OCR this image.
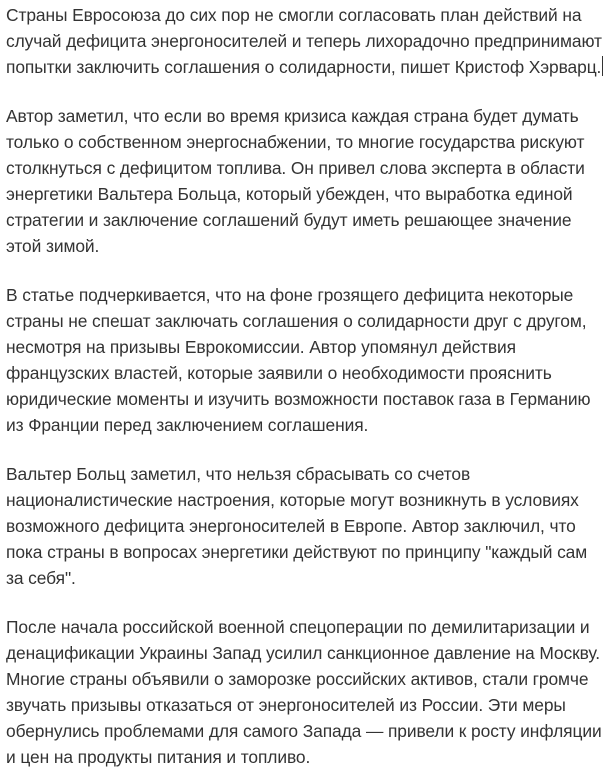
Страны Евросоюза до сих пор не смогли согласовать план действий на случай дефицита энергоносителей и теперь лихорадочно предпринимают попытки заключить соглашения о солидарности, пишет Кристоф Хэрварц.

Автор заметил, что если во время кризиса каждая страна будет думать только о собственном энергоснабжении, то многие государства рискуют столкнуться с дефицитом топлива. Он привел слова эксперта в области энергетики Вальтера Больца, который убежден, что выработка единой стратегии и заключение соглашений будут иметь решающее значение этой зимой.

В статье подчеркивается, что на фоне грозящего дефицита некоторые страны не спешат заключать соглашения о солидарности друг с другом, несмотря на призывы Еврокомиссии. Автор упомянул действия французских властей, которые заявили о необходимости прояснить юридические моменты и изучить возможности поставок газа в Германию из Франции перед заключением соглашения.

Вальтер Больц заметил, что нельзя сбрасывать со счетов националистические настроения, которые могут возникнуть в условиях возможного дефицита энергоносителей в Европе. Автор заключил, что пока страны в вопросах энергетики действуют по принципу "каждый сам за себя".

После начала российской военной спецоперации по демилитаризации и денацификации Украины Запад усилил санкционное давление на Москву. Многие страны объявили о заморозке российских активов, стали громче звучать призывы отказаться от энергоносителей из России. Эти меры обернулись проблемами для самого Запада — привели к росту инфляции и цен на продукты питания и топливо.
